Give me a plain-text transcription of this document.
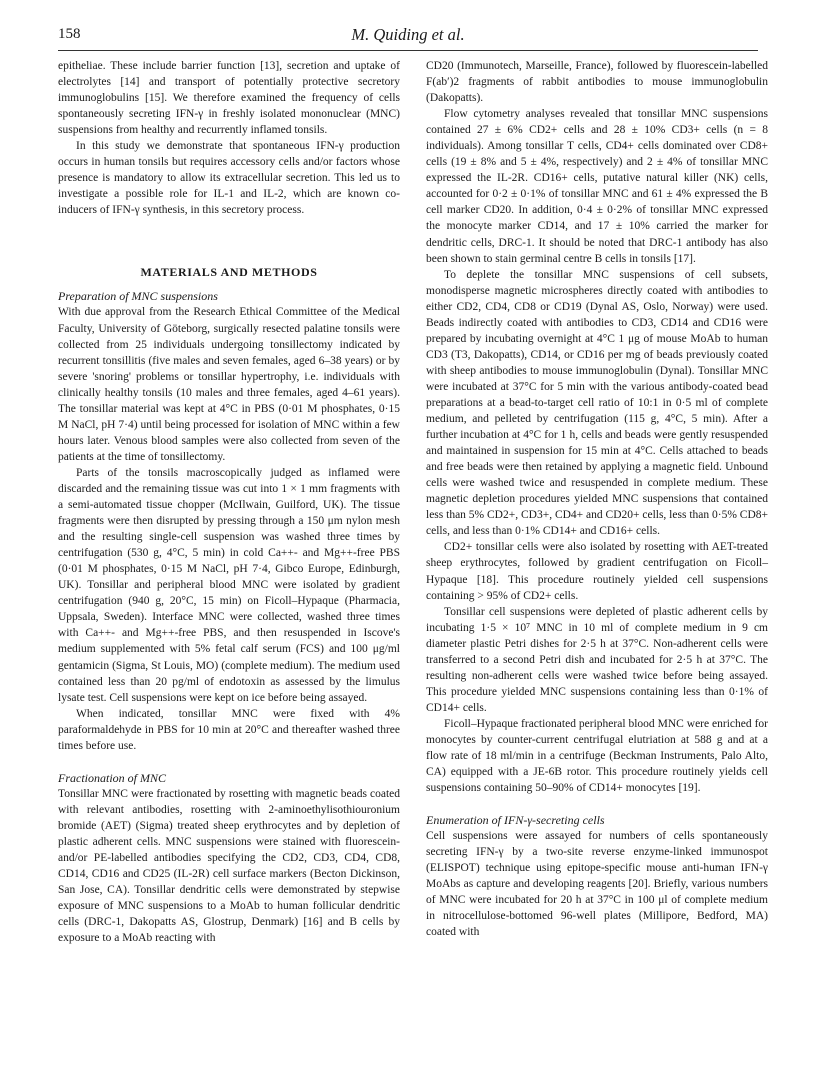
158	M. Quiding et al.

epitheliae. These include barrier function [13], secretion and uptake of electrolytes [14] and transport of potentially protective secretory immunoglobulins [15]. We therefore examined the frequency of cells spontaneously secreting IFN-γ in freshly isolated mononuclear (MNC) suspensions from healthy and recurrently inflamed tonsils.

In this study we demonstrate that spontaneous IFN-γ production occurs in human tonsils but requires accessory cells and/or factors whose presence is mandatory to allow its extracellular secretion. This led us to investigate a possible role for IL-1 and IL-2, which are known co-inducers of IFN-γ synthesis, in this secretory process.

MATERIALS AND METHODS
Preparation of MNC suspensions

With due approval from the Research Ethical Committee of the Medical Faculty, University of Göteborg, surgically resected palatine tonsils were collected from 25 individuals undergoing tonsillectomy indicated by recurrent tonsillitis (five males and seven females, aged 6–38 years) or by severe 'snoring' problems or tonsillar hypertrophy, i.e. individuals with clinically healthy tonsils (10 males and three females, aged 4–61 years). The tonsillar material was kept at 4°C in PBS (0·01 M phosphates, 0·15 M NaCl, pH 7·4) until being processed for isolation of MNC within a few hours later. Venous blood samples were also collected from seven of the patients at the time of tonsillectomy.

Parts of the tonsils macroscopically judged as inflamed were discarded and the remaining tissue was cut into 1 × 1 mm fragments with a semi-automated tissue chopper (McIlwain, Guilford, UK). The tissue fragments were then disrupted by pressing through a 150 μm nylon mesh and the resulting single-cell suspension was washed three times by centrifugation (530 g, 4°C, 5 min) in cold Ca++- and Mg++-free PBS (0·01 M phosphates, 0·15 M NaCl, pH 7·4, Gibco Europe, Edinburgh, UK). Tonsillar and peripheral blood MNC were isolated by gradient centrifugation (940 g, 20°C, 15 min) on Ficoll–Hypaque (Pharmacia, Uppsala, Sweden). Interface MNC were collected, washed three times with Ca++- and Mg++-free PBS, and then resuspended in Iscove's medium supplemented with 5% fetal calf serum (FCS) and 100 μg/ml gentamicin (Sigma, St Louis, MO) (complete medium). The medium used contained less than 20 pg/ml of endotoxin as assessed by the limulus lysate test. Cell suspensions were kept on ice before being assayed.

When indicated, tonsillar MNC were fixed with 4% paraformaldehyde in PBS for 10 min at 20°C and thereafter washed three times before use.

Fractionation of MNC

Tonsillar MNC were fractionated by rosetting with magnetic beads coated with relevant antibodies, rosetting with 2-aminoethylisothiouronium bromide (AET) (Sigma) treated sheep erythrocytes and by depletion of plastic adherent cells. MNC suspensions were stained with fluorescein- and/or PE-labelled antibodies specifying the CD2, CD3, CD4, CD8, CD14, CD16 and CD25 (IL-2R) cell surface markers (Becton Dickinson, San Jose, CA). Tonsillar dendritic cells were demonstrated by stepwise exposure of MNC suspensions to a MoAb to human follicular dendritic cells (DRC-1, Dakopatts AS, Glostrup, Denmark) [16] and B cells by exposure to a MoAb reacting with

CD20 (Immunotech, Marseille, France), followed by fluorescein-labelled F(ab′)2 fragments of rabbit antibodies to mouse immunoglobulin (Dakopatts).

Flow cytometry analyses revealed that tonsillar MNC suspensions contained 27 ± 6% CD2+ cells and 28 ± 10% CD3+ cells (n = 8 individuals). Among tonsillar T cells, CD4+ cells dominated over CD8+ cells (19 ± 8% and 5 ± 4%, respectively) and 2 ± 4% of tonsillar MNC expressed the IL-2R. CD16+ cells, putative natural killer (NK) cells, accounted for 0·2 ± 0·1% of tonsillar MNC and 61 ± 4% expressed the B cell marker CD20. In addition, 0·4 ± 0·2% of tonsillar MNC expressed the monocyte marker CD14, and 17 ± 10% carried the marker for dendritic cells, DRC-1. It should be noted that DRC-1 antibody has also been shown to stain germinal centre B cells in tonsils [17].

To deplete the tonsillar MNC suspensions of cell subsets, monodisperse magnetic microspheres directly coated with antibodies to either CD2, CD4, CD8 or CD19 (Dynal AS, Oslo, Norway) were used. Beads indirectly coated with antibodies to CD3, CD14 and CD16 were prepared by incubating overnight at 4°C 1 μg of mouse MoAb to human CD3 (T3, Dakopatts), CD14, or CD16 per mg of beads previously coated with sheep antibodies to mouse immunoglobulin (Dynal). Tonsillar MNC were incubated at 37°C for 5 min with the various antibody-coated bead preparations at a bead-to-target cell ratio of 10:1 in 0·5 ml of complete medium, and pelleted by centrifugation (115 g, 4°C, 5 min). After a further incubation at 4°C for 1 h, cells and beads were gently resuspended and maintained in suspension for 15 min at 4°C. Cells attached to beads and free beads were then retained by applying a magnetic field. Unbound cells were washed twice and resuspended in complete medium. These magnetic depletion procedures yielded MNC suspensions that contained less than 5% CD2+, CD3+, CD4+ and CD20+ cells, less than 0·5% CD8+ cells, and less than 0·1% CD14+ and CD16+ cells.

CD2+ tonsillar cells were also isolated by rosetting with AET-treated sheep erythrocytes, followed by gradient centrifugation on Ficoll–Hypaque [18]. This procedure routinely yielded cell suspensions containing > 95% of CD2+ cells.

Tonsillar cell suspensions were depleted of plastic adherent cells by incubating 1·5 × 10⁷ MNC in 10 ml of complete medium in 9 cm diameter plastic Petri dishes for 2·5 h at 37°C. Non-adherent cells were transferred to a second Petri dish and incubated for 2·5 h at 37°C. The resulting non-adherent cells were washed twice before being assayed. This procedure yielded MNC suspensions containing less than 0·1% of CD14+ cells.

Ficoll–Hypaque fractionated peripheral blood MNC were enriched for monocytes by counter-current centrifugal elutriation at 588 g and at a flow rate of 18 ml/min in a centrifuge (Beckman Instruments, Palo Alto, CA) equipped with a JE-6B rotor. This procedure routinely yields cell suspensions containing 50–90% of CD14+ monocytes [19].

Enumeration of IFN-γ-secreting cells

Cell suspensions were assayed for numbers of cells spontaneously secreting IFN-γ by a two-site reverse enzyme-linked immunospot (ELISPOT) technique using epitope-specific mouse anti-human IFN-γ MoAbs as capture and developing reagents [20]. Briefly, various numbers of MNC were incubated for 20 h at 37°C in 100 μl of complete medium in nitrocellulose-bottomed 96-well plates (Millipore, Bedford, MA) coated with
